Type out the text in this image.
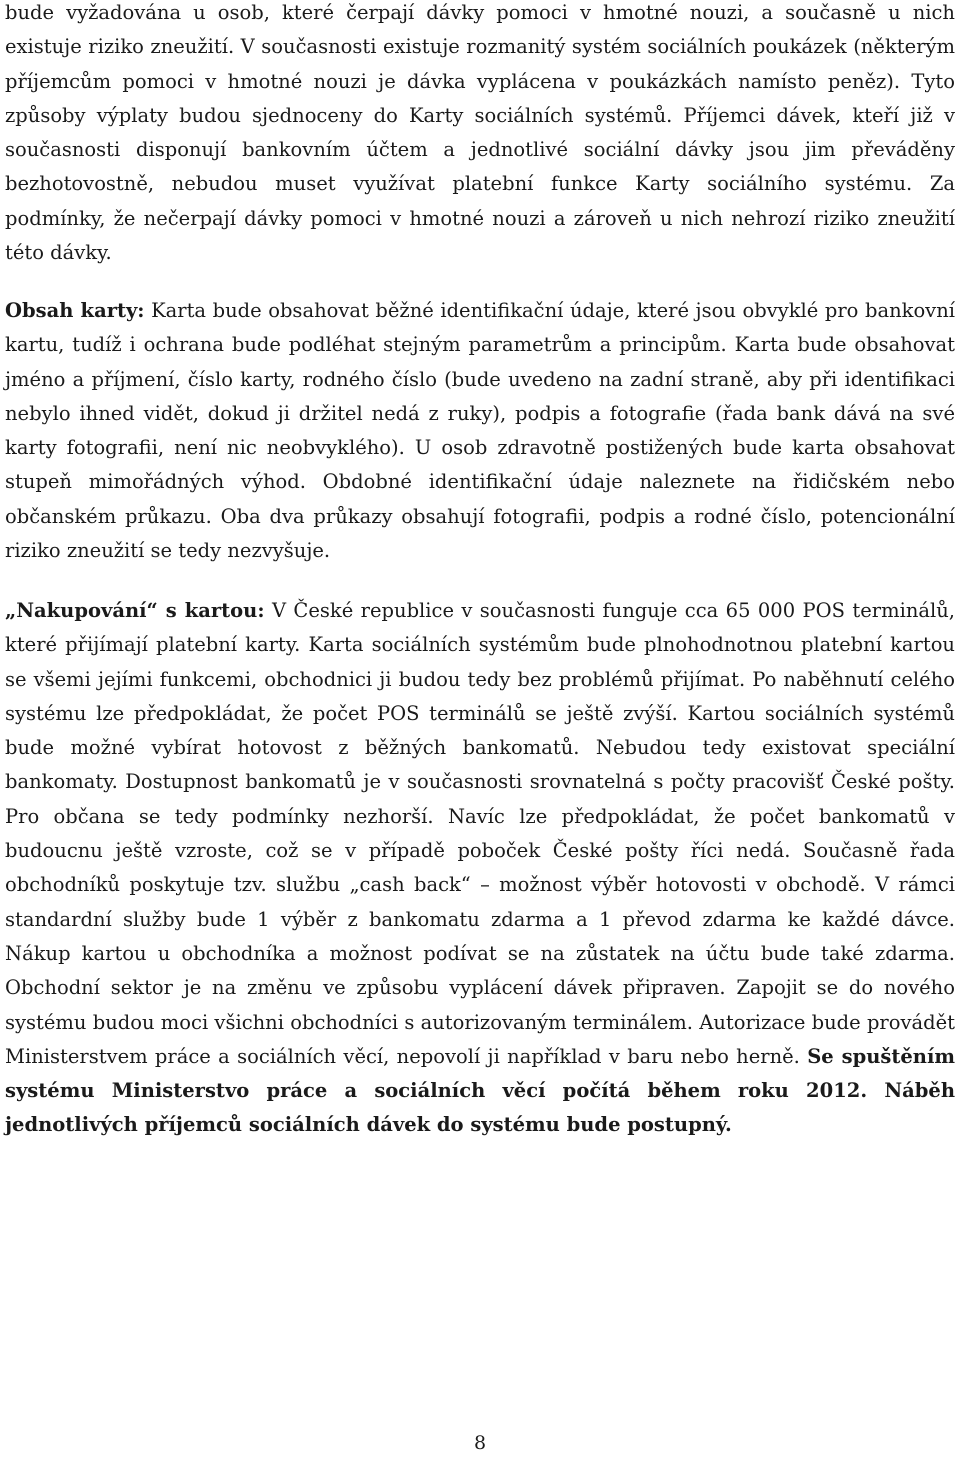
bude vyžadována u osob, které čerpají dávky pomoci v hmotné nouzi, a současně u nich existuje riziko zneužití. V současnosti existuje rozmanitý systém sociálních poukázek (některým příjemcům pomoci v hmotné nouzi je dávka vyplácena v poukázkách namísto peněz). Tyto způsoby výplaty budou sjednoceny do Karty sociálních systémů. Příjemci dávek, kteří již v současnosti disponují bankovním účtem a jednotlivé sociální dávky jsou jim převáděny bezhotovostně, nebudou muset využívat platební funkce Karty sociálního systému. Za podmínky, že nečerpají dávky pomoci v hmotné nouzi a zároveň u nich nehrozí riziko zneužití této dávky.

Obsah karty: Karta bude obsahovat běžné identifikační údaje, které jsou obvyklé pro bankovní kartu, tudíž i ochrana bude podléhat stejným parametrům a principům. Karta bude obsahovat jméno a příjmení, číslo karty, rodného číslo (bude uvedeno na zadní straně, aby při identifikaci nebylo ihned vidět, dokud ji držitel nedá z ruky), podpis a fotografie (řada bank dává na své karty fotografii, není nic neobvyklého). U osob zdravotně postižených bude karta obsahovat stupeň mimořádných výhod. Obdobné identifikační údaje naleznete na řidičském nebo občanském průkazu. Oba dva průkazy obsahují fotografii, podpis a rodné číslo, potencionální riziko zneužití se tedy nezvyšuje.

„Nakupování“ s kartou: V České republice v současnosti funguje cca 65 000 POS terminálů, které přijímají platební karty. Karta sociálních systémům bude plnohodnotnou platební kartou se všemi jejími funkcemi, obchodnici ji budou tedy bez problémů přijímat. Po naběhnutí celého systému lze předpokládat, že počet POS terminálů se ještě zvýší. Kartou sociálních systémů bude možné vybírat hotovost z běžných bankomatů. Nebudou tedy existovat speciální bankomaty. Dostupnost bankomatů je v současnosti srovnatelná s počty pracovišť České pošty. Pro občana se tedy podmínky nezhorší. Navíc lze předpokládat, že počet bankomatů v budoucnu ještě vzroste, což se v případě poboček České pošty říci nedá. Současně řada obchodníků poskytuje tzv. službu „cash back“ – možnost výběr hotovosti v obchodě. V rámci standardní služby bude 1 výběr z bankomatu zdarma a 1 převod zdarma ke každé dávce. Nákup kartou u obchodníka a možnost podívat se na zůstatek na účtu bude také zdarma. Obchodní sektor je na změnu ve způsobu vyplácení dávek připraven. Zapojit se do nového systému budou moci všichni obchodníci s autorizovaným terminálem. Autorizace bude provádět Ministerstvem práce a sociálních věcí, nepovolí ji například v baru nebo herně. Se spuštěním systému Ministerstvo práce a sociálních věcí počítá během roku 2012. Náběh jednotlivých příjemců sociálních dávek do systému bude postupný.

8
